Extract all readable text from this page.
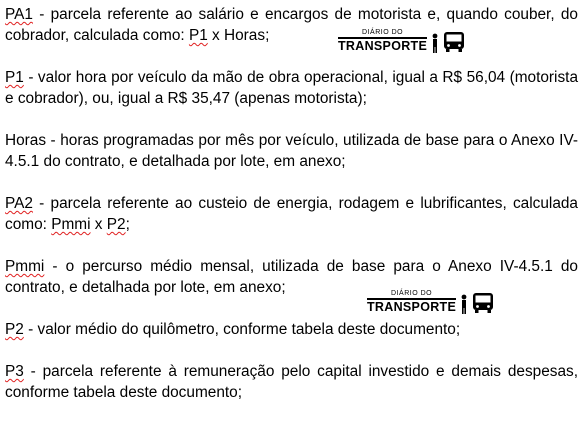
PA1 - parcela referente ao salário e encargos de motorista e, quando couber, do cobrador, calculada como: P1 x Horas;

P1 - valor hora por veículo da mão de obra operacional, igual a R$ 56,04 (motorista e cobrador), ou, igual a R$ 35,47 (apenas motorista);

Horas - horas programadas por mês por veículo, utilizada de base para o Anexo IV-4.5.1 do contrato, e detalhada por lote, em anexo;

PA2 - parcela referente ao custeio de energia, rodagem e lubrificantes, calculada como: Pmmi x P2;

Pmmi - o percurso médio mensal, utilizada de base para o Anexo IV-4.5.1 do contrato, e detalhada por lote, em anexo;

P2 - valor médio do quilômetro, conforme tabela deste documento;

P3 - parcela referente à remuneração pelo capital investido e demais despesas, conforme tabela deste documento;

DIÁRIO DO
TRANSPORTE
DIÁRIO DO
TRANSPORTE
